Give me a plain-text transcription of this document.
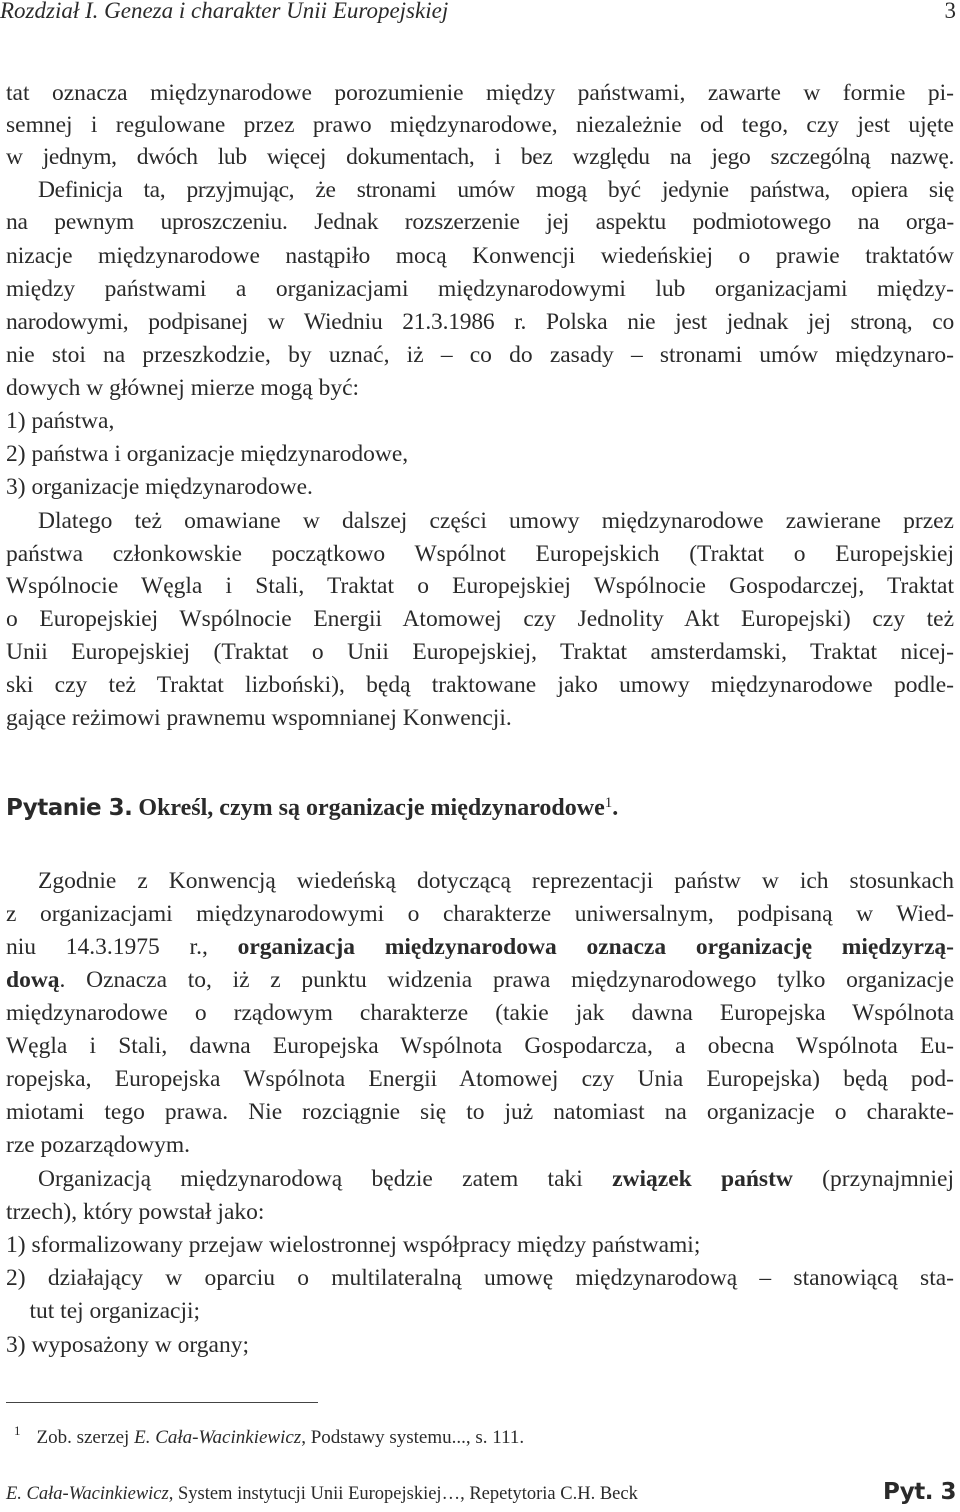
Rozdział I. Geneza i charakter Unii Europejskiej	3
tat oznacza międzynarodowe porozumienie między państwami, zawarte w formie pi-
semnej i regulowane przez prawo międzynarodowe, niezależnie od tego, czy jest ujęte
w jednym, dwóch lub więcej dokumentach, i bez względu na jego szczególną nazwę.
Definicja ta, przyjmując, że stronami umów mogą być jedynie państwa, opiera się
na pewnym uproszczeniu. Jednak rozszerzenie jej aspektu podmiotowego na orga-
nizacje międzynarodowe nastąpiło mocą Konwencji wiedeńskiej o prawie traktatów
między państwami a organizacjami międzynarodowymi lub organizacjami między-
narodowymi, podpisanej w Wiedniu 21.3.1986 r. Polska nie jest jednak jej stroną, co
nie stoi na przeszkodzie, by uznać, iż – co do zasady – stronami umów międzynaro-
dowych w głównej mierze mogą być:
1) państwa,
2) państwa i organizacje międzynarodowe,
3) organizacje międzynarodowe.
Dlatego też omawiane w dalszej części umowy międzynarodowe zawierane przez
państwa członkowskie początkowo Wspólnot Europejskich (Traktat o Europejskiej
Wspólnocie Węgla i Stali, Traktat o Europejskiej Wspólnocie Gospodarczej, Traktat
o Europejskiej Wspólnocie Energii Atomowej czy Jednolity Akt Europejski) czy też
Unii Europejskiej (Traktat o Unii Europejskiej, Traktat amsterdamski, Traktat nicej-
ski czy też Traktat lizboński), będą traktowane jako umowy międzynarodowe podle-
gające reżimowi prawnemu wspomnianej Konwencji.
Pytanie 3. Określ, czym są organizacje międzynarodowe$^1$.
Zgodnie z Konwencją wiedeńską dotyczącą reprezentacji państw w ich stosunkach
z organizacjami międzynarodowymi o charakterze uniwersalnym, podpisaną w Wied-
niu 14.3.1975 r., organizacja międzynarodowa oznacza organizację międzyrzą-
dową. Oznacza to, iż z punktu widzenia prawa międzynarodowego tylko organizacje
międzynarodowe o rządowym charakterze (takie jak dawna Europejska Wspólnota
Węgla i Stali, dawna Europejska Wspólnota Gospodarcza, a obecna Wspólnota Eu-
ropejska, Europejska Wspólnota Energii Atomowej czy Unia Europejska) będą pod-
miotami tego prawa. Nie rozciągnie się to już natomiast na organizacje o charakte-
rze pozarządowym.
Organizacją międzynarodową będzie zatem taki związek państw (przynajmniej
trzech), który powstał jako:
1) sformalizowany przejaw wielostronnej współpracy między państwami;
2) działający w oparciu o multilateralną umowę międzynarodową – stanowiącą sta-
tut tej organizacji;
3) wyposażony w organy;
$^1$ Zob. szerzej E. Cała-Wacinkiewicz, Podstawy systemu..., s. 111.
E. Cała-Wacinkiewicz, System instytucji Unii Europejskiej…, Repetytoria C.H. Beck	Pyt. 3
